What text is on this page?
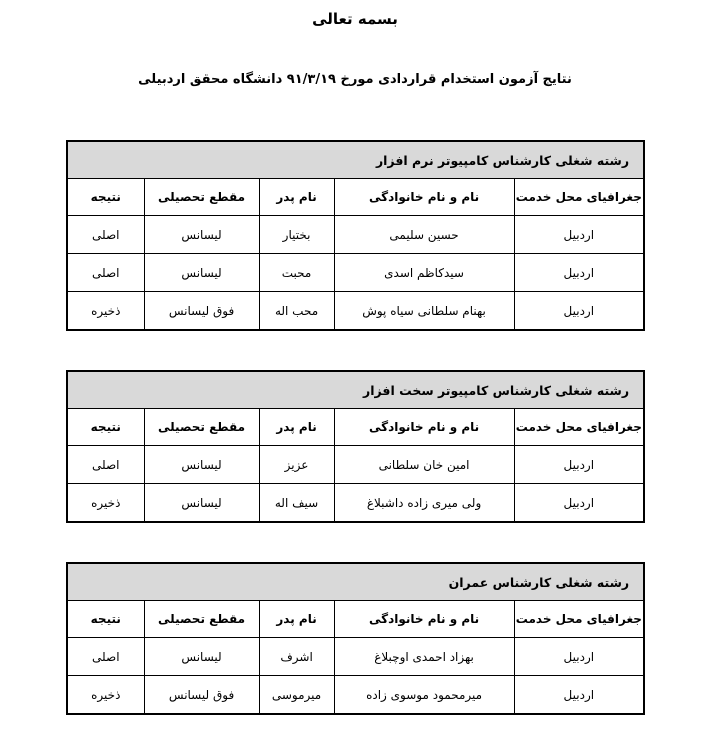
بسمه تعالی
نتایج آزمون استخدام قراردادی مورخ ۹۱/۳/۱۹ دانشگاه محقق اردبیلی
رشته شغلی کارشناس کامپیوتر نرم افزار				
جغرافیای محل خدمت	نام و نام خانوادگی	نام پدر	مقطع تحصیلی	نتیجه
اردبیل	حسین سلیمی	بختیار	لیسانس	اصلی
اردبیل	سیدکاظم اسدی	محبت	لیسانس	اصلی
اردبیل	بهنام سلطانی سیاه پوش	محب اله	فوق لیسانس	ذخیره
رشته شغلی کارشناس کامپیوتر سخت افزار				
جغرافیای محل خدمت	نام و نام خانوادگی	نام پدر	مقطع تحصیلی	نتیجه
اردبیل	امین خان سلطانی	عزیز	لیسانس	اصلی
اردبیل	ولی میری زاده داشبلاغ	سیف اله	لیسانس	ذخیره
رشته شغلی کارشناس عمران				
جغرافیای محل خدمت	نام و نام خانوادگی	نام پدر	مقطع تحصیلی	نتیجه
اردبیل	بهزاد احمدی اوچبلاغ	اشرف	لیسانس	اصلی
اردبیل	میرمحمود موسوی زاده	میرموسی	فوق لیسانس	ذخیره
